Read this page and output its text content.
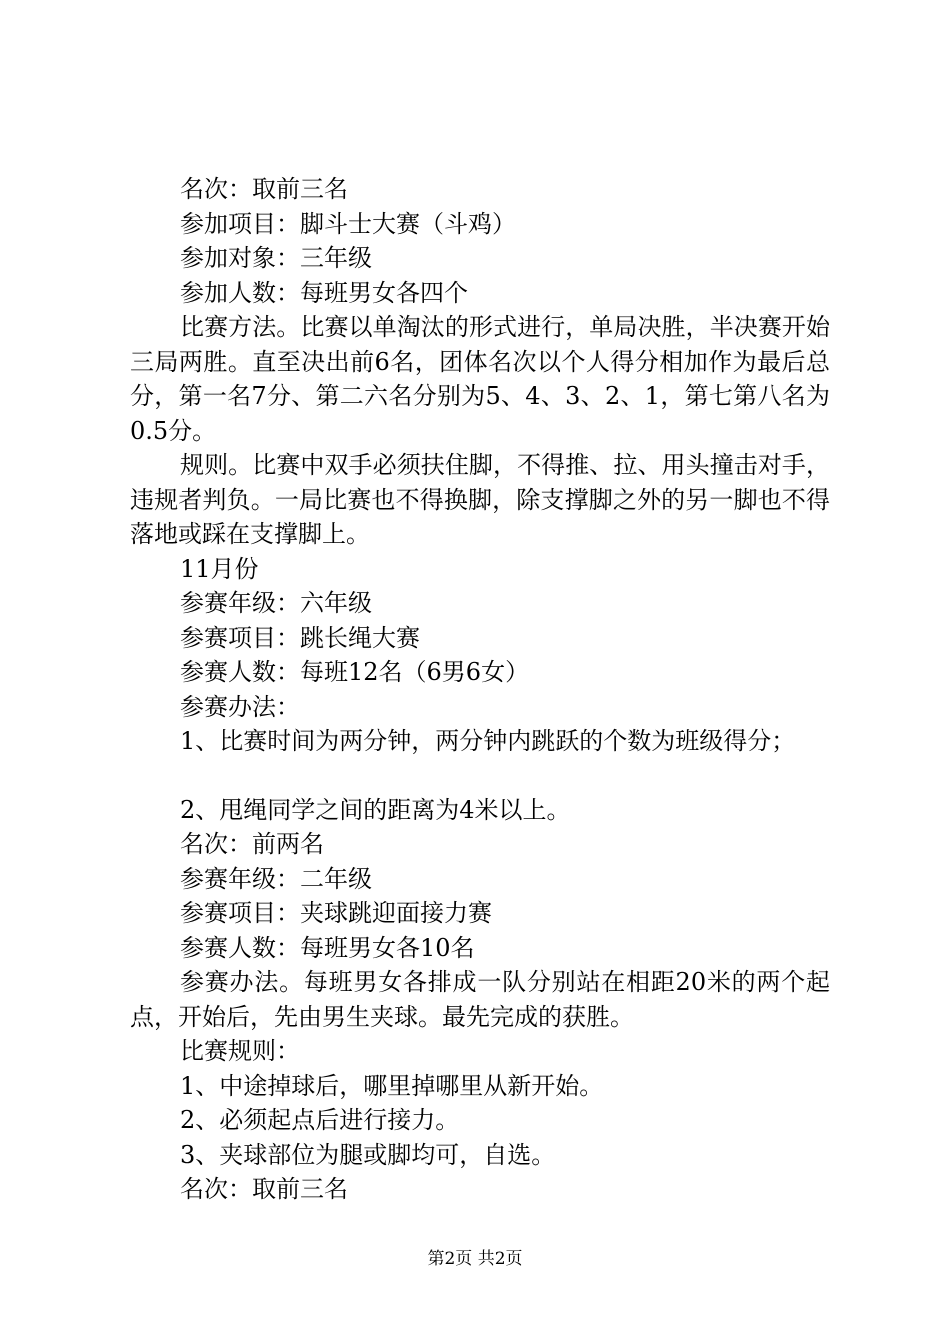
名次：取前三名

参加项目：脚斗士大赛（斗鸡）

参加对象：三年级

参加人数：每班男女各四个

比赛方法。比赛以单淘汰的形式进行，单局决胜，半决赛开始三局两胜。直至决出前6名，团体名次以个人得分相加作为最后总分，第一名7分、第二六名分别为5、4、3、2、1，第七第八名为0.5分。

规则。比赛中双手必须扶住脚，不得推、拉、用头撞击对手，违规者判负。一局比赛也不得换脚，除支撑脚之外的另一脚也不得落地或踩在支撑脚上。

11月份

参赛年级：六年级

参赛项目：跳长绳大赛

参赛人数：每班12名（6男6女）

参赛办法：

1、比赛时间为两分钟，两分钟内跳跃的个数为班级得分；

2、甩绳同学之间的距离为4米以上。

名次：前两名

参赛年级：二年级

参赛项目：夹球跳迎面接力赛

参赛人数：每班男女各10名

参赛办法。每班男女各排成一队分别站在相距20米的两个起点，开始后，先由男生夹球。最先完成的获胜。

比赛规则：

1、中途掉球后，哪里掉哪里从新开始。

2、必须起点后进行接力。

3、夹球部位为腿或脚均可，自选。

名次：取前三名

第2页 共2页
